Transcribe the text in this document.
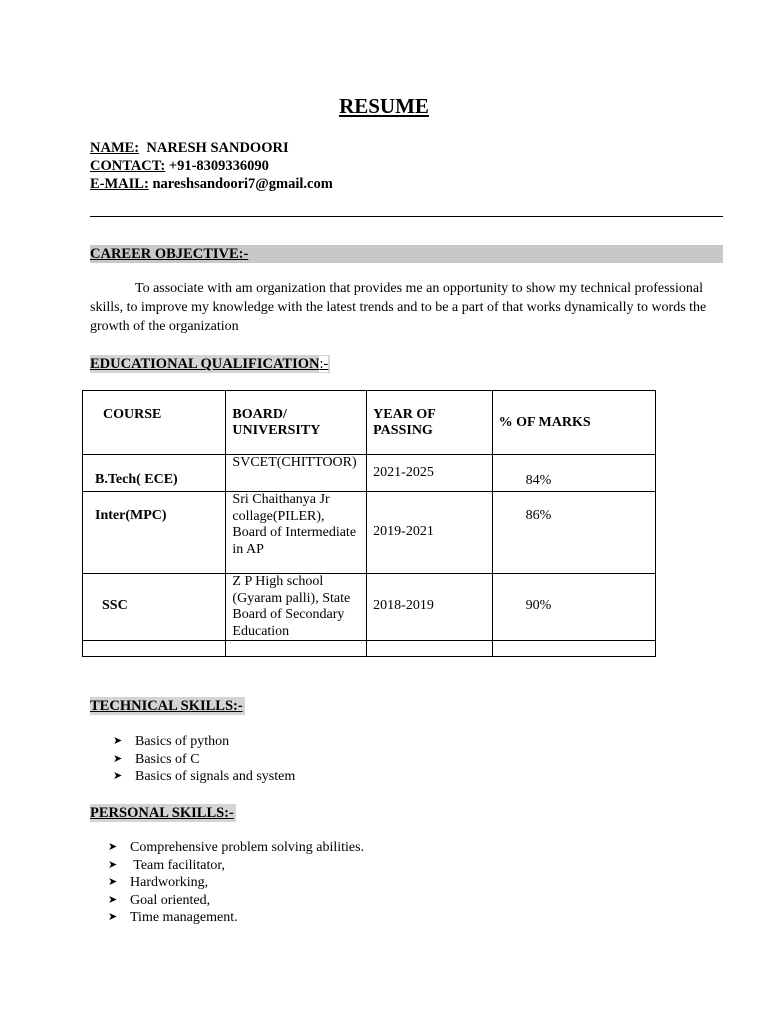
RESUME
NAME: NARESH SANDOORI
CONTACT: +91-8309336090
E-MAIL: nareshsandoori7@gmail.com
CAREER OBJECTIVE:-
To associate with am organization that provides me an opportunity to show my technical professional skills, to improve my knowledge with the latest trends and to be a part of that works dynamically to words the growth of the organization
EDUCATIONAL QUALIFICATION:-
COURSE	BOARD/ UNIVERSITY	YEAR OF PASSING	% OF MARKS
B.Tech( ECE)	SVCET(CHITTOOR)	2021-2025	84%
Inter(MPC)	Sri Chaithanya Jr collage(PILER), Board of Intermediate in AP	2019-2021	86%
SSC	Z P High school (Gyaram palli), State Board of Secondary Education	2018-2019	90%

TECHNICAL SKILLS:-
➤ Basics of python
➤ Basics of C
➤ Basics of signals and system
PERSONAL SKILLS:-
➤ Comprehensive problem solving abilities.
➤ Team facilitator,
➤ Hardworking,
➤ Goal oriented,
➤ Time management.
